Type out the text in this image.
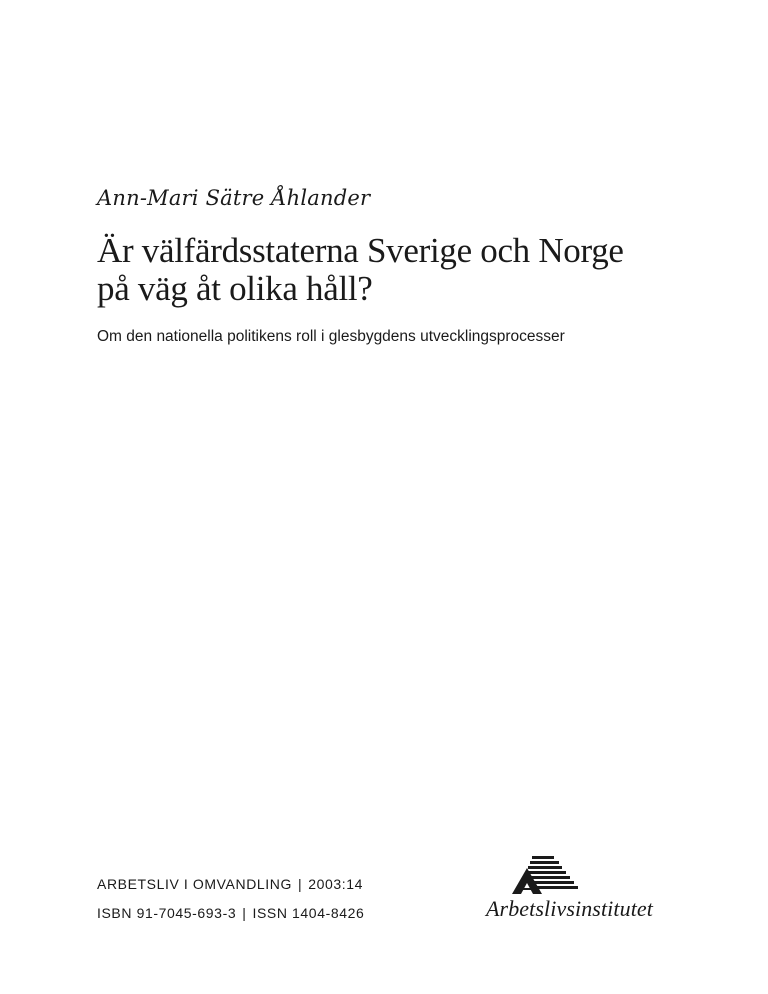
Ann-Mari Sätre Åhlander
Är välfärdsstaterna Sverige och Norge
på väg åt olika håll?
Om den nationella politikens roll i glesbygdens utvecklingsprocesser
ARBETSLIV I OMVANDLING | 2003:14
ISBN 91-7045-693-3 | ISSN 1404-8426	Arbetslivsinstitutet
